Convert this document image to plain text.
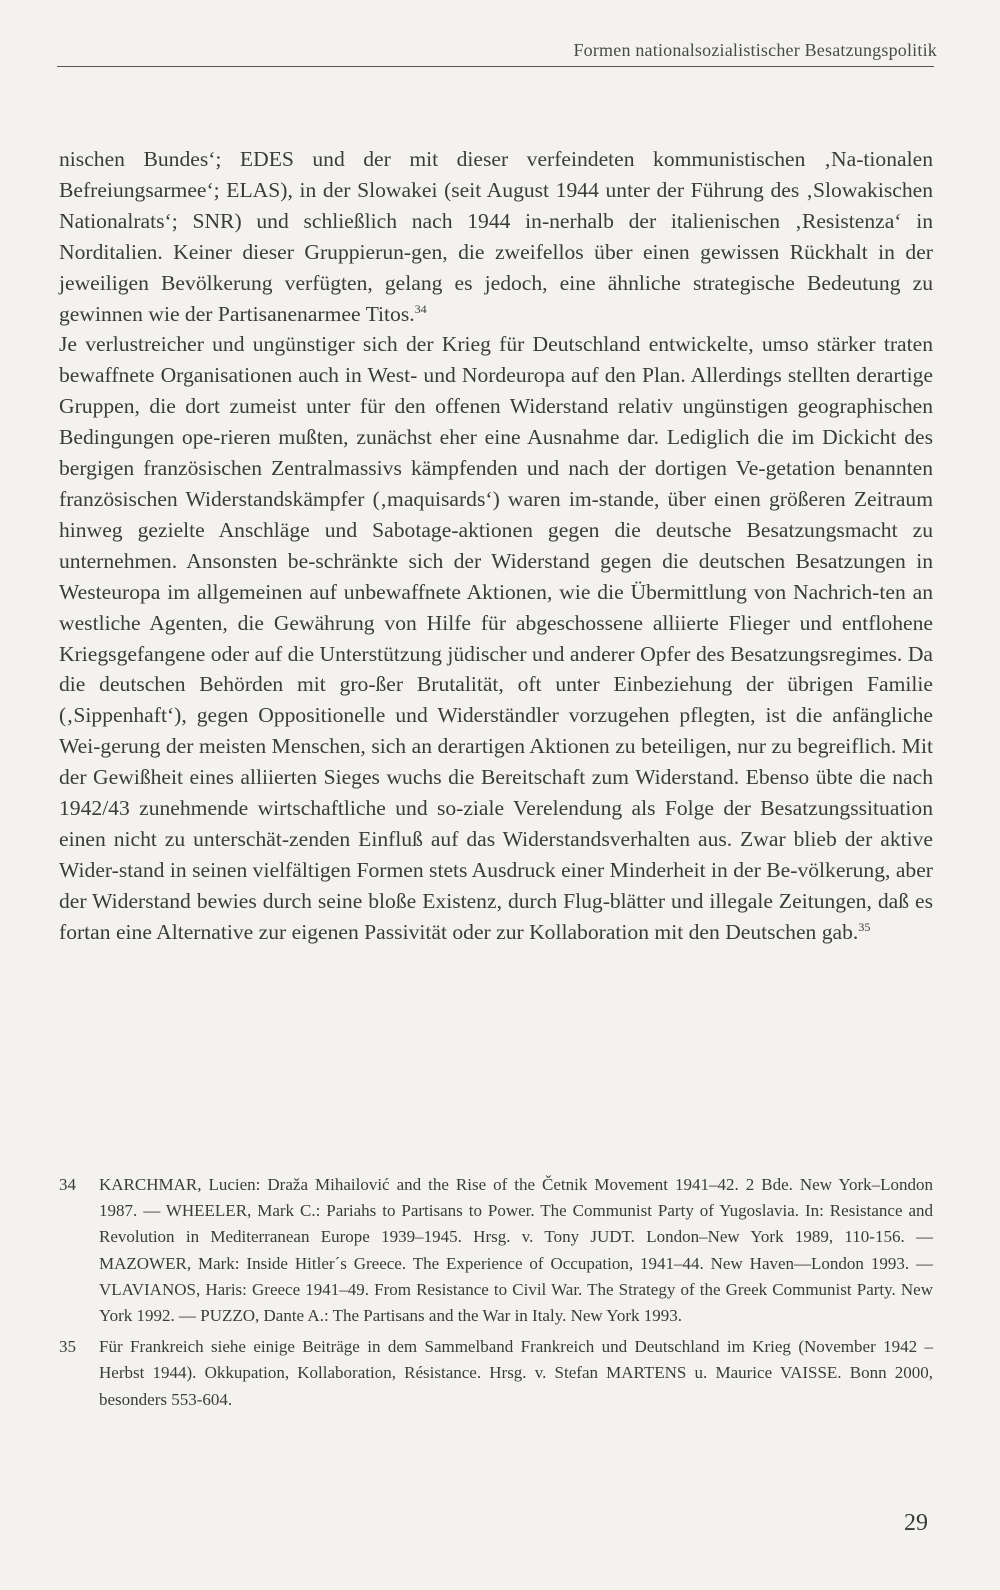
Formen nationalsozialistischer Besatzungspolitik

nischen Bundes‘; EDES und der mit dieser verfeindeten kommunistischen ‚Na-tionalen Befreiungsarmee‘; ELAS), in der Slowakei (seit August 1944 unter der Führung des ‚Slowakischen Nationalrats‘; SNR) und schließlich nach 1944 in-nerhalb der italienischen ‚Resistenza‘ in Norditalien. Keiner dieser Gruppierun-gen, die zweifellos über einen gewissen Rückhalt in der jeweiligen Bevölkerung verfügten, gelang es jedoch, eine ähnliche strategische Bedeutung zu gewinnen wie der Partisanenarmee Titos.$^{34}$

Je verlustreicher und ungünstiger sich der Krieg für Deutschland entwickelte, umso stärker traten bewaffnete Organisationen auch in West- und Nordeuropa auf den Plan. Allerdings stellten derartige Gruppen, die dort zumeist unter für den offenen Widerstand relativ ungünstigen geographischen Bedingungen ope-rieren mußten, zunächst eher eine Ausnahme dar. Lediglich die im Dickicht des bergigen französischen Zentralmassivs kämpfenden und nach der dortigen Ve-getation benannten französischen Widerstandskämpfer (‚maquisards‘) waren im-stande, über einen größeren Zeitraum hinweg gezielte Anschläge und Sabotage-aktionen gegen die deutsche Besatzungsmacht zu unternehmen. Ansonsten be-schränkte sich der Widerstand gegen die deutschen Besatzungen in Westeuropa im allgemeinen auf unbewaffnete Aktionen, wie die Übermittlung von Nachrich-ten an westliche Agenten, die Gewährung von Hilfe für abgeschossene alliierte Flieger und entflohene Kriegsgefangene oder auf die Unterstützung jüdischer und anderer Opfer des Besatzungsregimes. Da die deutschen Behörden mit gro-ßer Brutalität, oft unter Einbeziehung der übrigen Familie (‚Sippenhaft‘), gegen Oppositionelle und Widerständler vorzugehen pflegten, ist die anfängliche Wei-gerung der meisten Menschen, sich an derartigen Aktionen zu beteiligen, nur zu begreiflich. Mit der Gewißheit eines alliierten Sieges wuchs die Bereitschaft zum Widerstand. Ebenso übte die nach 1942/43 zunehmende wirtschaftliche und so-ziale Verelendung als Folge der Besatzungssituation einen nicht zu unterschät-zenden Einfluß auf das Widerstandsverhalten aus. Zwar blieb der aktive Wider-stand in seinen vielfältigen Formen stets Ausdruck einer Minderheit in der Be-völkerung, aber der Widerstand bewies durch seine bloße Existenz, durch Flug-blätter und illegale Zeitungen, daß es fortan eine Alternative zur eigenen Passivität oder zur Kollaboration mit den Deutschen gab.$^{35}$

34	KARCHMAR, Lucien: Draža Mihailović and the Rise of the Četnik Movement 1941–42. 2 Bde. New York–London 1987. — WHEELER, Mark C.: Pariahs to Partisans to Power. The Communist Party of Yugoslavia. In: Resistance and Revolution in Mediterranean Europe 1939–1945. Hrsg. v. Tony JUDT. London–New York 1989, 110-156. — MAZOWER, Mark: Inside Hitler´s Greece. The Experience of Occupation, 1941–44. New Haven—London 1993. — VLAVIANOS, Haris: Greece 1941–49. From Resistance to Civil War. The Strategy of the Greek Communist Party. New York 1992. — PUZZO, Dante A.: The Partisans and the War in Italy. New York 1993.
35	Für Frankreich siehe einige Beiträge in dem Sammelband Frankreich und Deutschland im Krieg (November 1942 – Herbst 1944). Okkupation, Kollaboration, Résistance. Hrsg. v. Stefan MARTENS u. Maurice VAISSE. Bonn 2000, besonders 553-604.
29
